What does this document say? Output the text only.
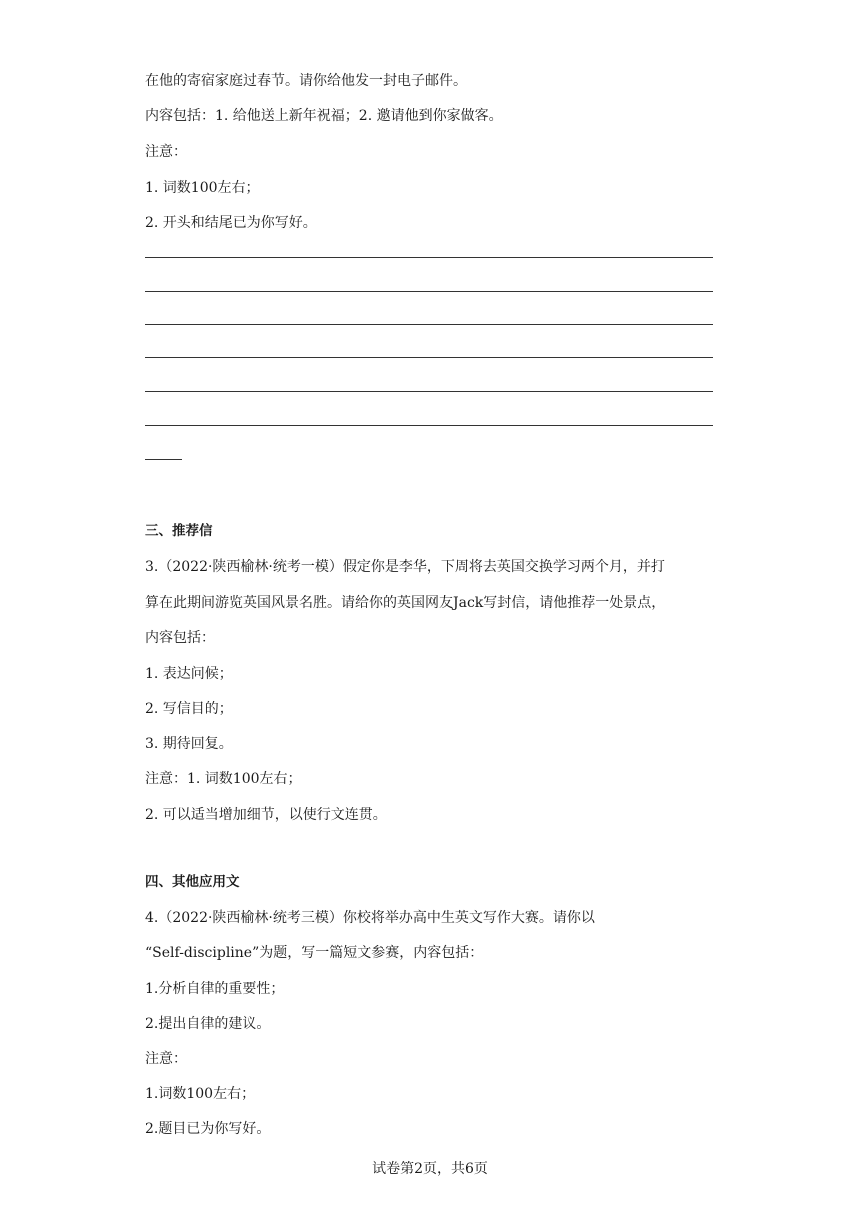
在他的寄宿家庭过春节。请你给他发一封电子邮件。
内容包括：1. 给他送上新年祝福；2. 邀请他到你家做客。
注意：
1. 词数100左右；
2. 开头和结尾已为你写好。
三、推荐信
3.（2022·陕西榆林·统考一模）假定你是李华，下周将去英国交换学习两个月，并打
算在此期间游览英国风景名胜。请给你的英国网友Jack写封信，请他推荐一处景点，
内容包括：
1. 表达问候；
2. 写信目的；
3. 期待回复。
注意：1. 词数100左右；
2. 可以适当增加细节，以使行文连贯。
四、其他应用文
4.（2022·陕西榆林·统考三模）你校将举办高中生英文写作大赛。请你以
“Self-discipline”为题，写一篇短文参赛，内容包括：
1.分析自律的重要性；
2.提出自律的建议。
注意：
1.词数100左右；
2.题目已为你写好。
试卷第2页，共6页
